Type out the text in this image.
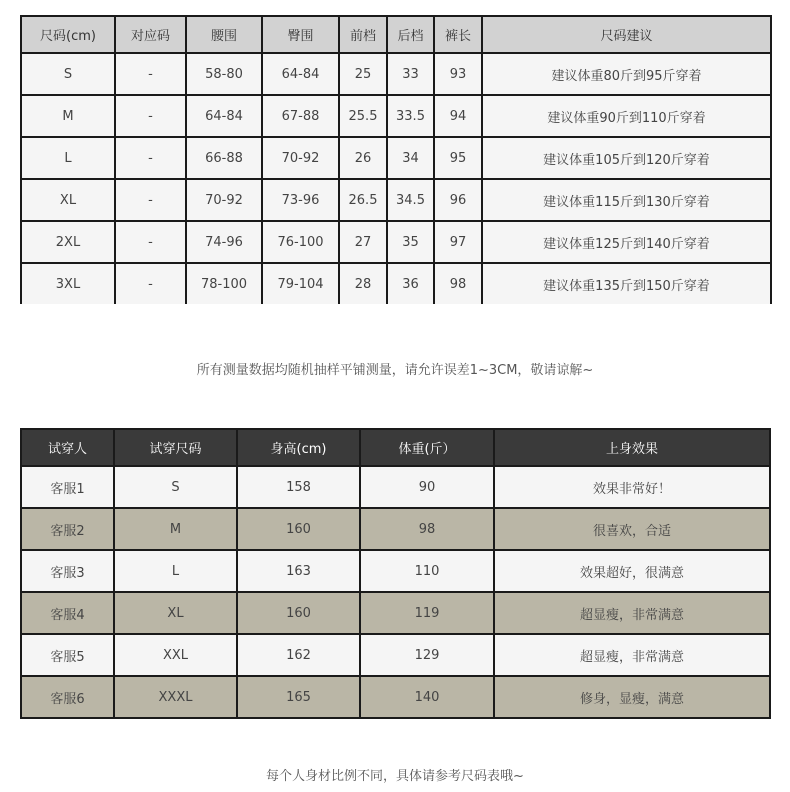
尺码(cm)	对应码	腰围	臀围	前档	后档	裤长	尺码建议
S	-	58-80	64-84	25	33	93	建议体重80斤到95斤穿着
M	-	64-84	67-88	25.5	33.5	94	建议体重90斤到110斤穿着
L	-	66-88	70-92	26	34	95	建议体重105斤到120斤穿着
XL	-	70-92	73-96	26.5	34.5	96	建议体重115斤到130斤穿着
2XL	-	74-96	76-100	27	35	97	建议体重125斤到140斤穿着
3XL	-	78-100	79-104	28	36	98	建议体重135斤到150斤穿着
所有测量数据均随机抽样平铺测量，请允许误差1~3CM，敬请谅解~
试穿人	试穿尺码	身高(cm)	体重(斤）	上身效果
客服1	S	158	90	效果非常好！
客服2	M	160	98	很喜欢，合适
客服3	L	163	110	效果超好，很满意
客服4	XL	160	119	超显瘦，非常满意
客服5	XXL	162	129	超显瘦，非常满意
客服6	XXXL	165	140	修身，显瘦，满意
每个人身材比例不同，具体请参考尺码表哦~
